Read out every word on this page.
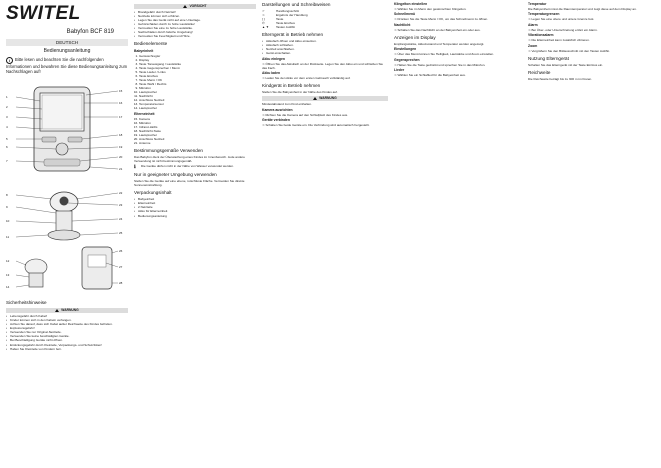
SWITEL
Babyfon BCF 819
DEUTSCH
Bedienungsanleitung
i Bitte lesen und beachten Sie die nachfolgenden Informationen und bewahren Sie diese Bedienungsanleitung zum Nachschlagen auf!
1
2
3
4
5
6
7
8
9
10
11
12
13
14
15
16
17
18
19
20
21
22
23
24
25
26
27
28
Sicherheitshinweise
WARNUNG
• Lebensgefahr durch Kabel!
• Kinder können sich in den Kabeln verfangen.
• Achten Sie darauf, dass sich Kabel außer Reichweite des Kindes befinden.
• Explosionsgefahr!
• Verwenden Sie nur Original-Netzteile.
• Verwenden Sie keine beschädigten Geräte.
• Bei Beschädigung Geräte nicht öffnen.
• Erstickungsgefahr durch Kleinteile, Verpackungs- und Schutzfolien!
• Halten Sie Kleinteile von Kindern fern.
VORSICHT
• Brandgefahr durch Netzteil!
• Netzteile können sich erhitzen.
• Legen Sie das Gerät nicht auf eine Unterlage.
• Gehörschäden durch zu hohe Lautstärke!
• Vermeiden Sie eine zu hohe Lautstärke.
• Sachschäden durch falsche Umgebung!
• Vermeiden Sie Feuchtigkeit und Hitze.
Bedienelemente
Babyeinheit
1. Geräuschregler
2. Display
3. Taste Tonausgang / Lautstärke
4. Taste Gegensprechen / Menü
5. Taste Lieder / Links
6. Taste Ein/Aus
7. Taste Menü / OK
8. Taste Wahl / Rechts
9. Mikrofon
10. Lautsprecher
11. Nachtlicht
12. Anschluss Netzteil
13. Temperatursensor
14. Lautsprecher
Elterneinheit
15. Kamera
16. Mikrofon
17. Infrarot-LEDs
18. Nachtlicht-Taste
19. Lautsprecher
20. Anschluss Netzteil
21. Antenne
Bestimmungsgemäße Verwenden

Das Babyfon dient der Überwachung eines Kindes im Innenbereich. Jede andere Verwendung ist nicht bestimmungsgemäß.

ℹ	Die Geräte dürfen nicht in der Nähe von Wasser verwendet werden.
Nur in geeigneter Umgebung verwenden

Stellen Sie die Geräte auf eine ebene, rutschfeste Fläche. Vermeiden Sie direkte Sonneneinstrahlung.

Verpackungsinhalt
• Babyeinheit
• Elterneinheit
• 2 Netzteile
• Akku für Elterneinheit
• Bedienungsanleitung
Darstellungen und Schreibweisen
☞	Handlungsschritt
⇒	Ergebnis der Handlung
[ ]	Taste
⏻	Taste Ein/Aus
▲ ▼	Tasten Auf/Ab
Elterngerät in Betrieb nehmen
• Akkufach öffnen und Akku einsetzen.
• Akkufach schließen.
• Netzteil anschließen.
• Gerät einschalten.
Akku einlegen

⇒ Öffnen Sie das Akkufach an der Rückseite. Legen Sie den Akku ein und schließen Sie das Fach.

Akku laden

⇒ Laden Sie den Akku vor dem ersten Gebrauch vollständig auf.

Kindgerät in Betrieb nehmen

Stellen Sie die Babyeinheit in der Nähe des Kindes auf.

WARNUNG

Mindestabstand zum Kind einhalten.

Kamera ausrichten

⇒ Richten Sie die Kamera auf den Schlafplatz des Kindes aus.

Geräte verbinden

⇒ Schalten Sie beide Geräte ein. Die Verbindung wird automatisch hergestellt.

Klingelton einstellen

⇒ Wählen Sie im Menü den gewünschten Klingelton.

Schnellmenü

⇒ Drücken Sie die Taste Menü / OK, um das Schnellmenü zu öffnen.

Nachtlicht

⇒ Schalten Sie das Nachtlicht an der Babyeinheit ein oder aus.

Anzeigen im Display

Empfangsstärke, Akkuzustand und Temperatur werden angezeigt.

Einstellungen

⇒ Über das Menü können Sie Helligkeit, Lautstärke und Zoom einstellen.

Gegensprechen

⇒ Halten Sie die Taste gedrückt und sprechen Sie in das Mikrofon.

Lieder

⇒ Wählen Sie ein Schlaflied für die Babyeinheit aus.

Temperatur

Die Babyeinheit misst die Raumtemperatur und zeigt diese auf dem Display an.

Temperaturgrenzen

⇒ Legen Sie eine obere und untere Grenze fest.

Alarm

⇒ Bei Über- oder Unterschreitung ertönt ein Alarm.

Vibrationsalarm

⇒ Die Elterneinheit kann zusätzlich vibrieren.

Zoom

⇒ Vergrößern Sie den Bildausschnitt mit den Tasten Auf/Ab.

Nutzung Elterngerät

Schalten Sie das Elterngerät mit der Taste Ein/Aus ein.

Reichweite

Die Reichweite beträgt bis zu 300 m im Freien.
